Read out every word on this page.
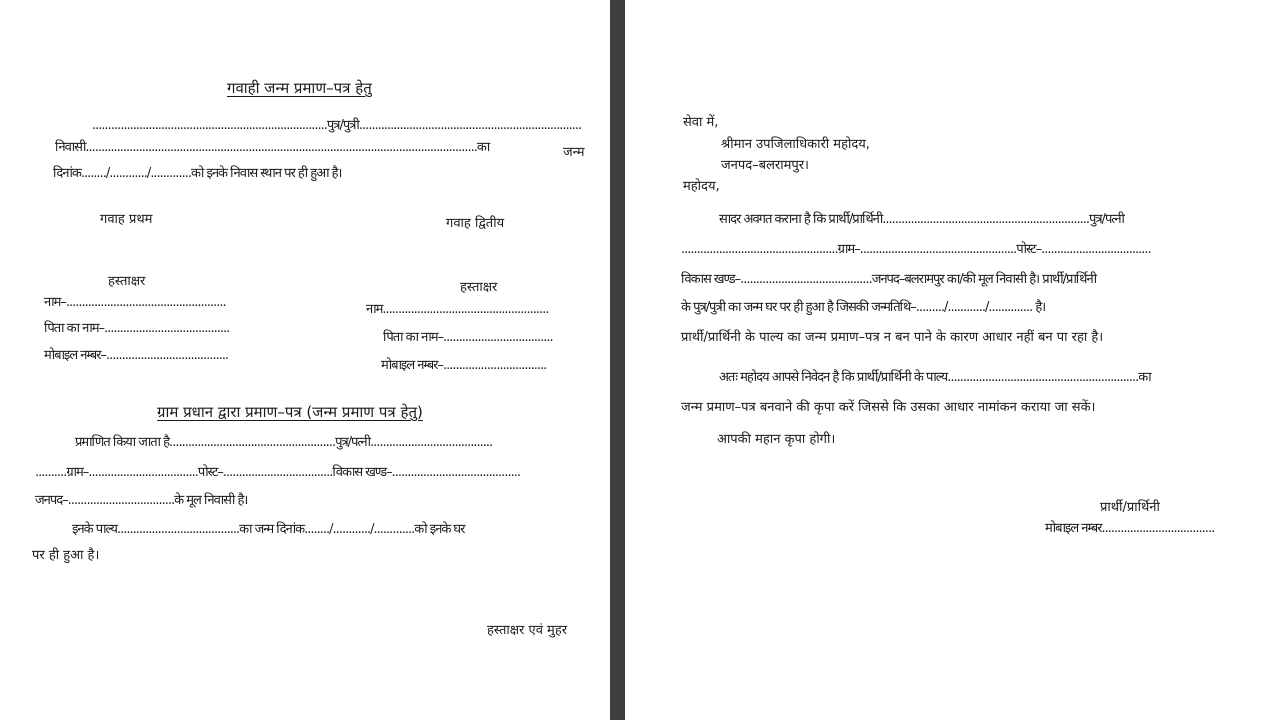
गवाही जन्म प्रमाण–पत्र हेतु
...........................................................................पुत्र/पुत्री.......................................................................
निवासी.............................................................................................................................का	जन्म
दिनांक......../............/.............को इनके निवास स्थान पर ही हुआ है।
गवाह प्रथम	गवाह द्वितीय
हस्ताक्षर
नाम–...................................................
पिता का नाम–........................................
मोबाइल नम्बर–.......................................
हस्ताक्षर
नाम.....................................................
पिता का नाम–...................................
मोबाइल नम्बर–.................................
ग्राम प्रधान द्वारा प्रमाण–पत्र (जन्म प्रमाण पत्र हेतु)
प्रमाणित किया जाता है.....................................................पुत्र/पत्नी.......................................
..........ग्राम–...................................पोस्ट–...................................विकास खण्ड–.........................................
जनपद–..................................के मूल निवासी है।
इनके पाल्य.......................................का जन्म दिनांक......../............/.............को इनके घर
पर ही हुआ है।
हस्ताक्षर एवं मुहर
सेवा में,
श्रीमान उपजिलाधिकारी महोदय,
जनपद–बलरामपुर।
महोदय,
सादर अवगत कराना है कि प्रार्थी/प्रार्थिनी..................................................................पुत्र/पत्नी
..................................................ग्राम–..................................................पोस्ट–...................................
विकास खण्ड–..........................................जनपद–बलरामपुर का/की मूल निवासी है। प्रार्थी/प्रार्थिनी
के पुत्र/पुत्री का जन्म घर पर ही हुआ है जिसकी जन्मतिथि–........./............/.............. है।
प्रार्थी/प्रार्थिनी के पाल्य का जन्म प्रमाण–पत्र न बन पाने के कारण आधार नहीं बन पा रहा है।
अतः महोदय आपसे निवेदन है कि प्रार्थी/प्रार्थिनी के पाल्य.............................................................का
जन्म प्रमाण–पत्र बनवाने की कृपा करें जिससे कि उसका आधार नामांकन कराया जा सकें।
आपकी महान कृपा होगी।
प्रार्थी/प्रार्थिनी
मोबाइल नम्बर....................................
